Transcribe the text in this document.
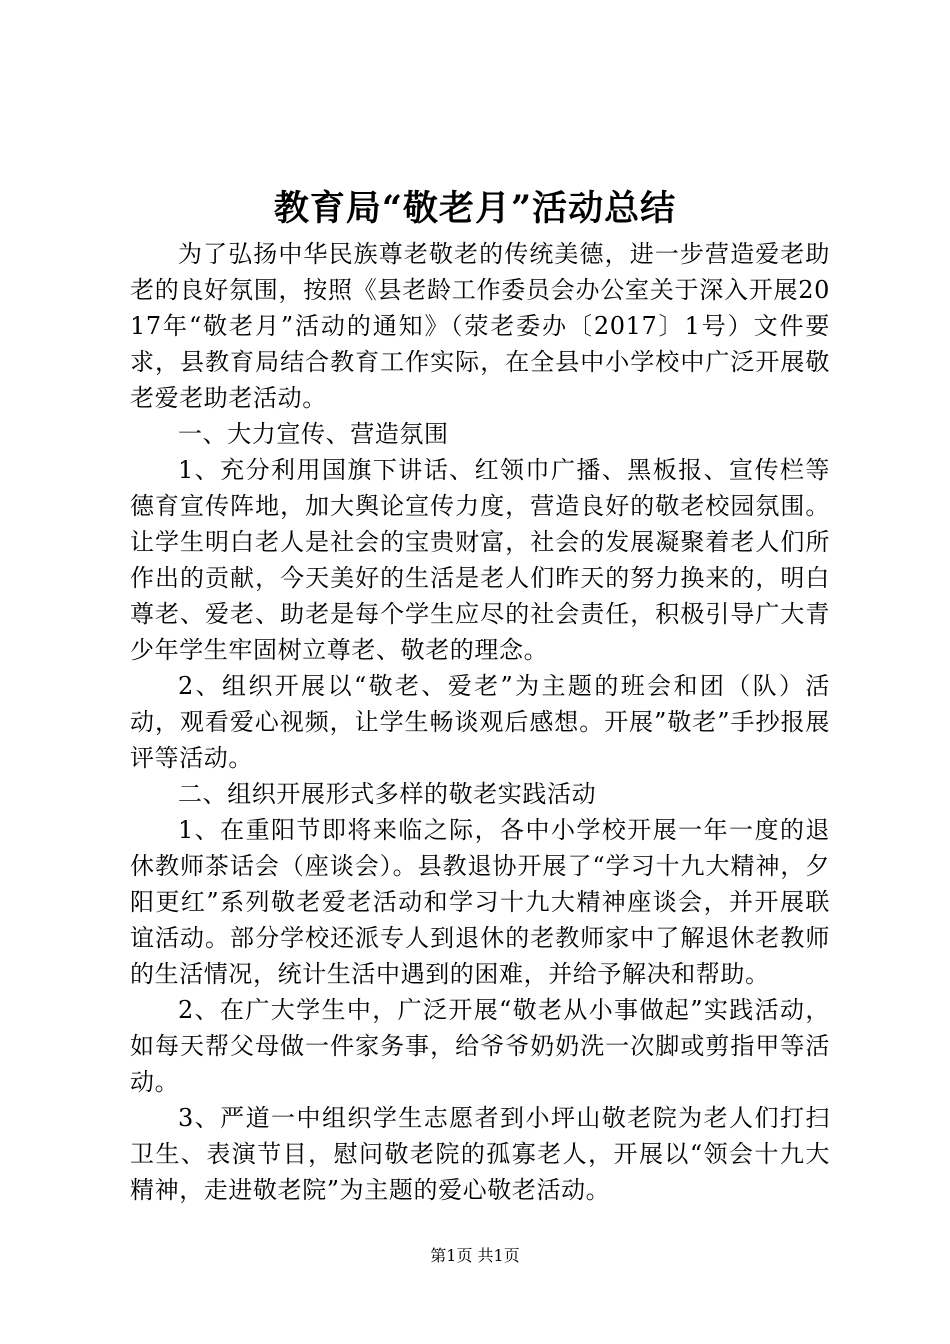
教育局“敬老月”活动总结

为了弘扬中华民族尊老敬老的传统美德，进一步营造爱老助老的良好氛围，按照《县老龄工作委员会办公室关于深入开展2017年“敬老月”活动的通知》（荥老委办〔2017〕1号）文件要求，县教育局结合教育工作实际，在全县中小学校中广泛开展敬老爱老助老活动。

一、大力宣传、营造氛围

1、充分利用国旗下讲话、红领巾广播、黑板报、宣传栏等德育宣传阵地，加大舆论宣传力度，营造良好的敬老校园氛围。让学生明白老人是社会的宝贵财富，社会的发展凝聚着老人们所作出的贡献，今天美好的生活是老人们昨天的努力换来的，明白尊老、爱老、助老是每个学生应尽的社会责任，积极引导广大青少年学生牢固树立尊老、敬老的理念。

2、组织开展以“敬老、爱老”为主题的班会和团（队）活动，观看爱心视频，让学生畅谈观后感想。开展”敬老”手抄报展评等活动。

二、组织开展形式多样的敬老实践活动

1、在重阳节即将来临之际，各中小学校开展一年一度的退休教师茶话会（座谈会）。县教退协开展了“学习十九大精神，夕阳更红”系列敬老爱老活动和学习十九大精神座谈会，并开展联谊活动。部分学校还派专人到退休的老教师家中了解退休老教师的生活情况，统计生活中遇到的困难，并给予解决和帮助。

2、在广大学生中，广泛开展“敬老从小事做起”实践活动，如每天帮父母做一件家务事，给爷爷奶奶洗一次脚或剪指甲等活动。

3、严道一中组织学生志愿者到小坪山敬老院为老人们打扫卫生、表演节目，慰问敬老院的孤寡老人，开展以“领会十九大精神，走进敬老院”为主题的爱心敬老活动。

第1页 共1页
